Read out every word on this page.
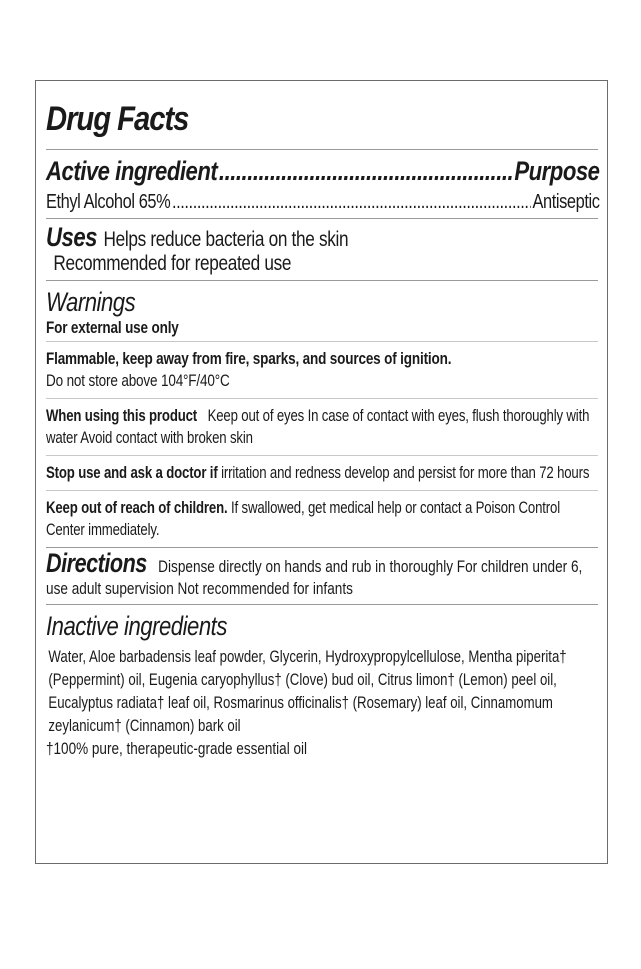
Drug Facts
Active ingredient .....	Purpose
Ethyl Alcohol 65% .....	Antiseptic
Uses Helps reduce bacteria on the skin
Recommended for repeated use
Warnings
For external use only
Flammable, keep away from fire, sparks, and sources of ignition.
Do not store above 104°F/40°C
When using this product Keep out of eyes In case of contact with eyes, flush thoroughly with water Avoid contact with broken skin
Stop use and ask a doctor if irritation and redness develop and persist for more than 72 hours
Keep out of reach of children. If swallowed, get medical help or contact a Poison Control Center immediately.
Directions Dispense directly on hands and rub in thoroughly For children under 6, use adult supervision Not recommended for infants
Inactive ingredients
Water, Aloe barbadensis leaf powder, Glycerin, Hydroxypropylcellulose, Mentha piperita† (Peppermint) oil, Eugenia caryophyllus† (Clove) bud oil, Citrus limon† (Lemon) peel oil, Eucalyptus radiata† leaf oil, Rosmarinus officinalis† (Rosemary) leaf oil, Cinnamomum zeylanicum† (Cinnamon) bark oil
†100% pure, therapeutic-grade essential oil
